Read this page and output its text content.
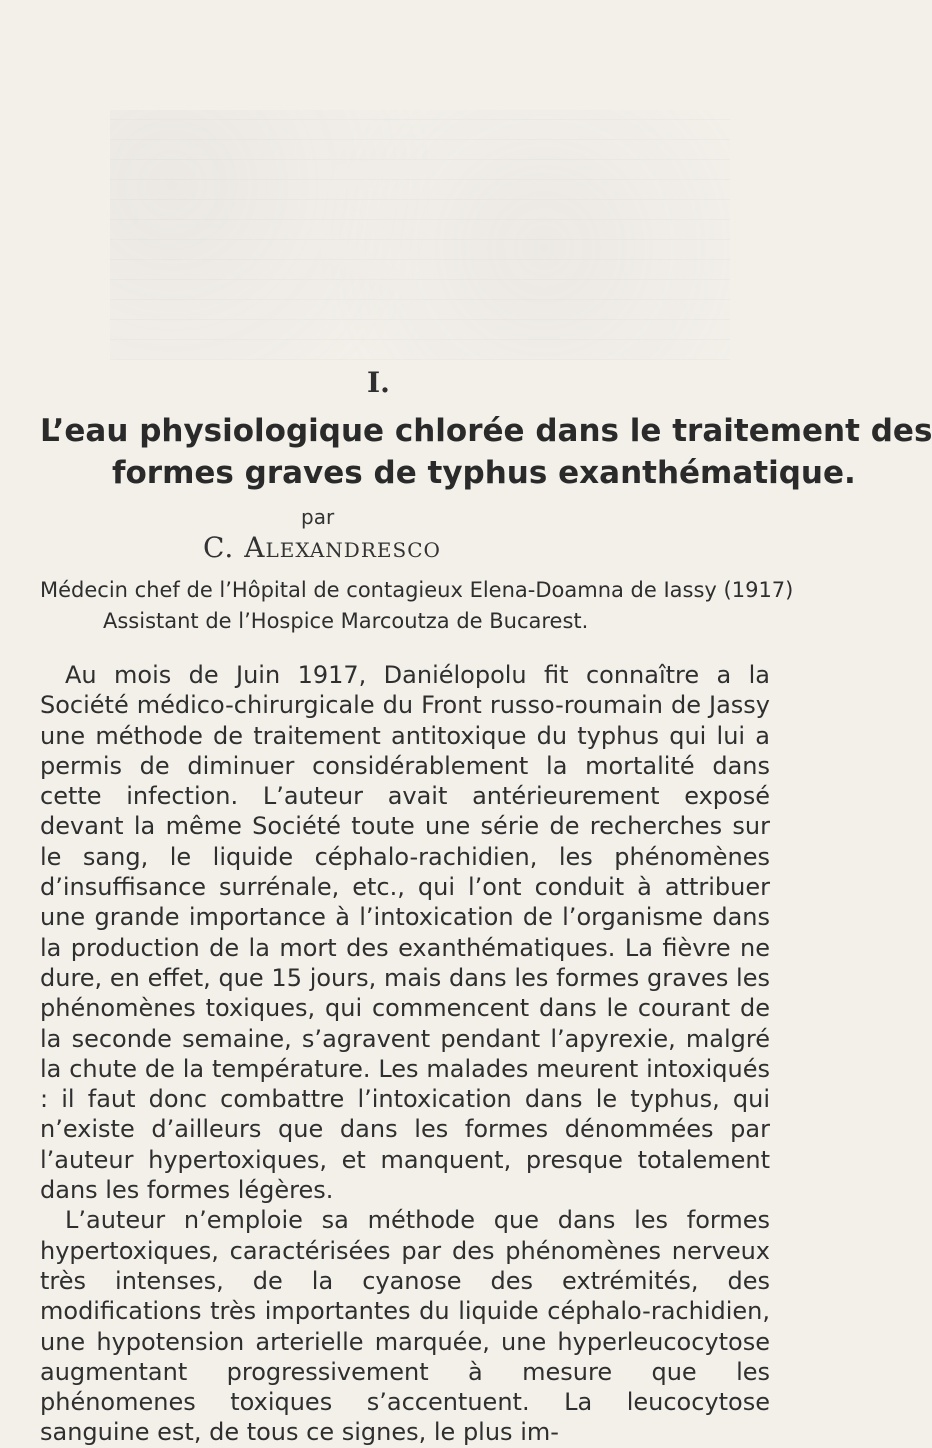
I.
L’eau physiologique chlorée dans le traitement des
formes graves de typhus exanthématique.
par
C. Alexandresco
Médecin chef de l’Hôpital de contagieux Elena-Doamna de Iassy (1917)
Assistant de l’Hospice Marcoutza de Bucarest.

Au mois de Juin 1917, Daniélopolu fit connaître a la Société médico-chirurgicale du Front russo-roumain de Jassy une méthode de traitement antitoxique du typhus qui lui a permis de diminuer considérablement la mortalité dans cette infection. L’auteur avait antérieurement exposé devant la même Société toute une série de recherches sur le sang, le liquide céphalo-rachidien, les phénomènes d’insuffisance surrénale, etc., qui l’ont conduit à attribuer une grande importance à l’intoxication de l’organisme dans la production de la mort des exanthématiques. La fièvre ne dure, en effet, que 15 jours, mais dans les formes graves les phénomènes toxiques, qui commencent dans le courant de la seconde semaine, s’agravent pendant l’apyrexie, malgré la chute de la température. Les malades meurent intoxiqués : il faut donc combattre l’intoxication dans le typhus, qui n’existe d’ailleurs que dans les formes dénommées par l’auteur hypertoxiques, et manquent, presque totalement dans les formes légères.

L’auteur n’emploie sa méthode que dans les formes hypertoxiques, caractérisées par des phénomènes nerveux très intenses, de la cyanose des extrémités, des modifications très importantes du liquide céphalo-rachidien, une hypotension arterielle marquée, une hyperleucocytose augmentant progressivement à mesure que les phénomenes toxiques s’accentuent. La leucocytose sanguine est, de tous ce signes, le plus im-
